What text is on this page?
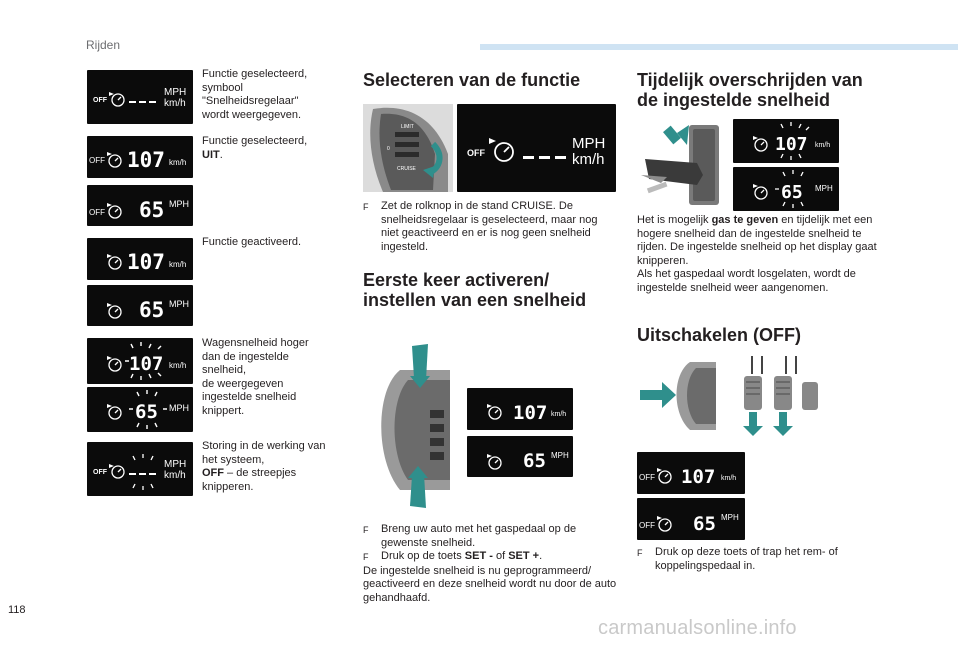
Rijden
OFF
MPH
km/h
Functie geselecteerd, symbool "Snelheidsregelaar" wordt weergegeven.
OFF 107 km/h
Functie geselecteerd,
UIT.
OFF 65 MPH
107 km/h
Functie geactiveerd.
65 MPH
107 km/h
65 MPH
Wagensnelheid hoger dan de ingestelde snelheid,
de weergegeven ingestelde snelheid knippert.
OFF
MPH
km/h
Storing in de werking van het systeem,
OFF – de streepjes knipperen.
Selecteren van de functie
LIMIT
0
CRUISE
OFF
MPH
km/h
F	Zet de rolknop in de stand CRUISE. De snelheidsregelaar is geselecteerd, maar nog niet geactiveerd en er is nog geen snelheid ingesteld.
Eerste keer activeren/
instellen van een snelheid
107 km/h
65 MPH
F	Breng uw auto met het gaspedaal op de gewenste snelheid.
F	Druk op de toets SET - of SET +.
De ingestelde snelheid is nu geprogrammeerd/ geactiveerd en deze snelheid wordt nu door de auto gehandhaafd.
Tijdelijk overschrijden van
de ingestelde snelheid
107 km/h
65 MPH
Het is mogelijk gas te geven en tijdelijk met een hogere snelheid dan de ingestelde snelheid te rijden. De ingestelde snelheid op het display gaat knipperen.
Als het gaspedaal wordt losgelaten, wordt de ingestelde snelheid weer aangenomen.
Uitschakelen (OFF)
OFF 107 km/h
OFF 65 MPH
F	Druk op deze toets of trap het rem- of koppelingspedaal in.
118
carmanualsonline.info
